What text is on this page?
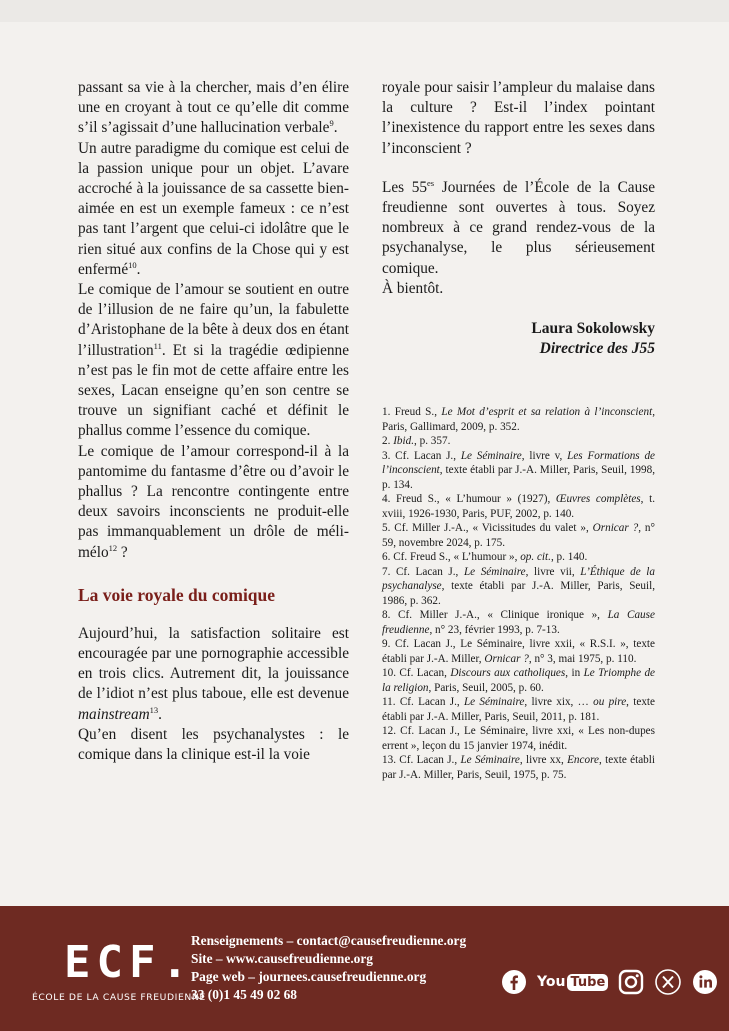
passant sa vie à la chercher, mais d’en élire une en croyant à tout ce qu’elle dit comme s’il s’agissait d’une hallucination verbale$^9$.

Un autre paradigme du comique est celui de la passion unique pour un objet. L’avare accroché à la jouissance de sa cassette bien-aimée en est un exemple fameux : ce n’est pas tant l’argent que celui-ci idolâtre que le rien situé aux confins de la Chose qui y est enfermé$^{10}$.

Le comique de l’amour se soutient en outre de l’illusion de ne faire qu’un, la fabulette d’Aristophane de la bête à deux dos en étant l’illustration$^{11}$. Et si la tragédie œdipienne n’est pas le fin mot de cette affaire entre les sexes, Lacan enseigne qu’en son centre se trouve un signifiant caché et définit le phallus comme l’essence du comique.

Le comique de l’amour correspond-il à la pantomime du fantasme d’être ou d’avoir le phallus ? La rencontre contingente entre deux savoirs inconscients ne produit-elle pas immanquablement un drôle de méli-mélo$^{12}$ ?

La voie royale du comique

Aujourd’hui, la satisfaction solitaire est encouragée par une pornographie accessible en trois clics. Autrement dit, la jouissance de l’idiot n’est plus taboue, elle est devenue mainstream$^{13}$.

Qu’en disent les psychanalystes : le comique dans la clinique est-il la voie

royale pour saisir l’ampleur du malaise dans la culture ? Est-il l’index pointant l’inexistence du rapport entre les sexes dans l’inconscient ?

Les $55^{es}$ Journées de l’École de la Cause freudienne sont ouvertes à tous. Soyez nombreux à ce grand rendez-vous de la psychanalyse, le plus sérieusement comique.

À bientôt.

Laura Sokolowsky
Directrice des J55

1. Freud S., Le Mot d’esprit et sa relation à l’inconscient, Paris, Gallimard, 2009, p. 352.

2. Ibid., p. 357.

3. Cf. Lacan J., Le Séminaire, livre v, Les Formations de l’inconscient, texte établi par J.-A. Miller, Paris, Seuil, 1998, p. 134.

4. Freud S., « L’humour » (1927), Œuvres complètes, t. xviii, 1926-1930, Paris, PUF, 2002, p. 140.

5. Cf. Miller J.-A., « Vicissitudes du valet », Ornicar ?, n° 59, novembre 2024, p. 175.

6. Cf. Freud S., « L’humour », op. cit., p. 140.

7. Cf. Lacan J., Le Séminaire, livre vii, L’Éthique de la psychanalyse, texte établi par J.-A. Miller, Paris, Seuil, 1986, p. 362.

8. Cf. Miller J.-A., « Clinique ironique », La Cause freudienne, n° 23, février 1993, p. 7-13.

9. Cf. Lacan J., Le Séminaire, livre xxii, « R.S.I. », texte établi par J.-A. Miller, Ornicar ?, n° 3, mai 1975, p. 110.

10. Cf. Lacan, Discours aux catholiques, in Le Triomphe de la religion, Paris, Seuil, 2005, p. 60.

11. Cf. Lacan J., Le Séminaire, livre xix, … ou pire, texte établi par J.-A. Miller, Paris, Seuil, 2011, p. 181.

12. Cf. Lacan J., Le Séminaire, livre xxi, « Les non-dupes errent », leçon du 15 janvier 1974, inédit.

13. Cf. Lacan J., Le Séminaire, livre xx, Encore, texte établi par J.-A. Miller, Paris, Seuil, 1975, p. 75.

ECF.
ÉCOLE DE LA CAUSE FREUDIENNE
Renseignements – contact@causefreudienne.org
Site – www.causefreudienne.org
Page web – journees.causefreudienne.org
33 (0)1 45 49 02 68
You Tube
